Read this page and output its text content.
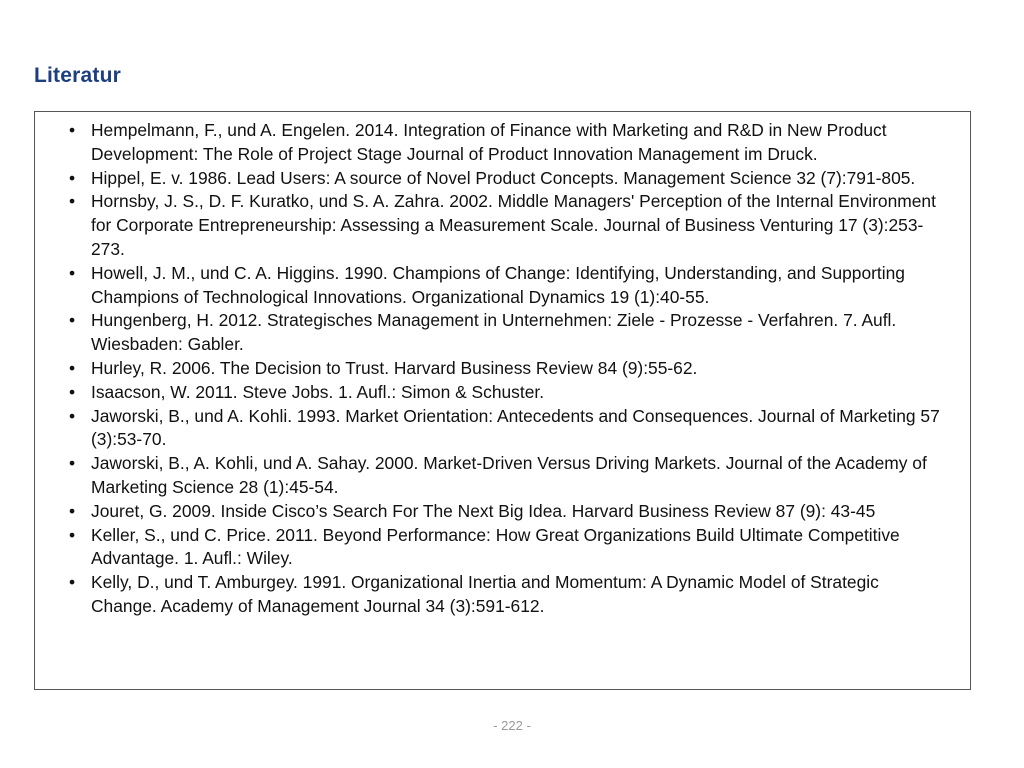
Literatur
• Hempelmann, F., und A. Engelen. 2014. Integration of Finance with Marketing and R&D in New Product Development: The Role of Project Stage Journal of Product Innovation Management im Druck.
• Hippel, E. v. 1986. Lead Users: A source of Novel Product Concepts. Management Science 32 (7):791-805.
• Hornsby, J. S., D. F. Kuratko, und S. A. Zahra. 2002. Middle Managers' Perception of the Internal Environment for Corporate Entrepreneurship: Assessing a Measurement Scale. Journal of Business Venturing 17 (3):253-273.
• Howell, J. M., und C. A. Higgins. 1990. Champions of Change: Identifying, Understanding, and Supporting Champions of Technological Innovations. Organizational Dynamics 19 (1):40-55.
• Hungenberg, H. 2012. Strategisches Management in Unternehmen: Ziele - Prozesse - Verfahren. 7. Aufl. Wiesbaden: Gabler.
• Hurley, R. 2006. The Decision to Trust. Harvard Business Review 84 (9):55-62.
• Isaacson, W. 2011. Steve Jobs. 1. Aufl.: Simon & Schuster.
• Jaworski, B., und A. Kohli. 1993. Market Orientation: Antecedents and Consequences. Journal of Marketing 57 (3):53-70.
• Jaworski, B., A. Kohli, und A. Sahay. 2000. Market-Driven Versus Driving Markets. Journal of the Academy of Marketing Science 28 (1):45-54.
• Jouret, G. 2009. Inside Cisco’s Search For The Next Big Idea. Harvard Business Review 87 (9): 43-45
• Keller, S., und C. Price. 2011. Beyond Performance: How Great Organizations Build Ultimate Competitive Advantage. 1. Aufl.: Wiley.
• Kelly, D., und T. Amburgey. 1991. Organizational Inertia and Momentum: A Dynamic Model of Strategic Change. Academy of Management Journal 34 (3):591-612.
- 222 -
